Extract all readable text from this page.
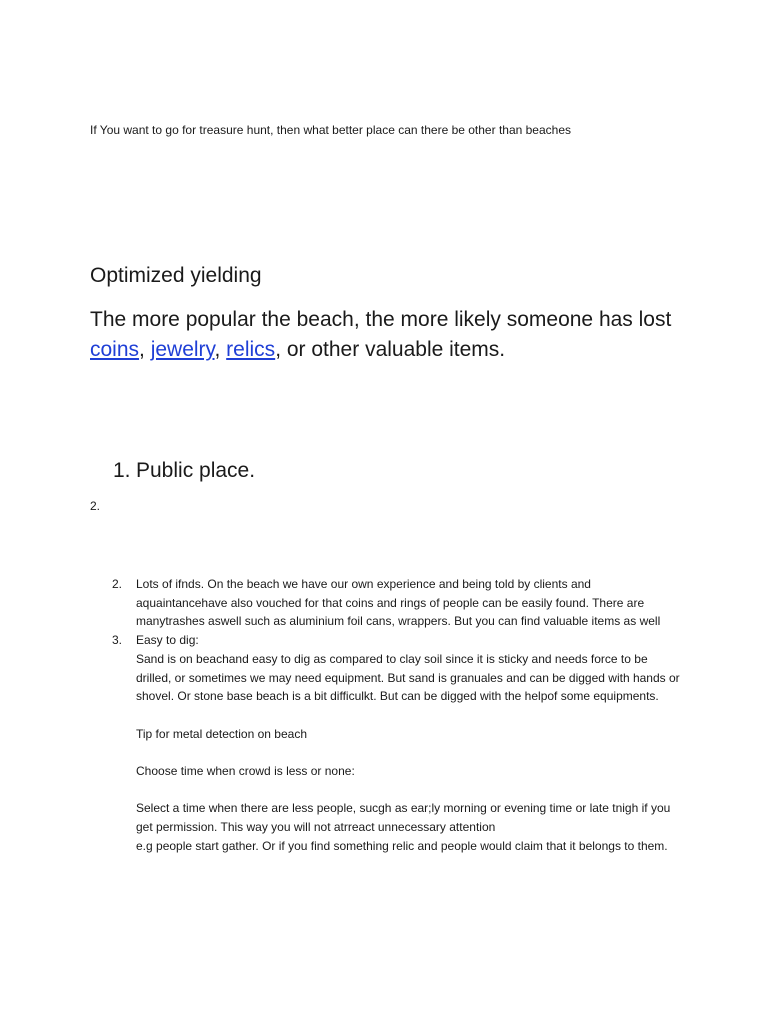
If You want to go for treasure hunt, then what better place can there be other than beaches
Optimized yielding
The more popular the beach, the more likely someone has lost coins, jewelry, relics, or other valuable items.
1. Public place.
2.
2. Lots of ifnds. On the beach we have our own experience and being told by clients and aquaintancehave also vouched for that coins and rings of people can be easily found. There are manytrashes aswell such as aluminium foil cans, wrappers. But you can find valuable items as well

3. Easy to dig:

Sand is on beachand easy to dig as compared to clay soil since it is sticky and needs force to be drilled, or sometimes we may need equipment. But sand is granuales and can be digged with hands or shovel. Or stone base beach is a bit difficulkt. But can be digged with the helpof some equipments.

Tip for metal detection on beach

Choose time when crowd is less or none:

Select a time when there are less people, sucgh as ear;ly morning or evening time or late tnigh if you get permission. This way you will not atrreact unnecessary attention

e.g people start gather. Or if you find something relic and people would claim that it belongs to them.
